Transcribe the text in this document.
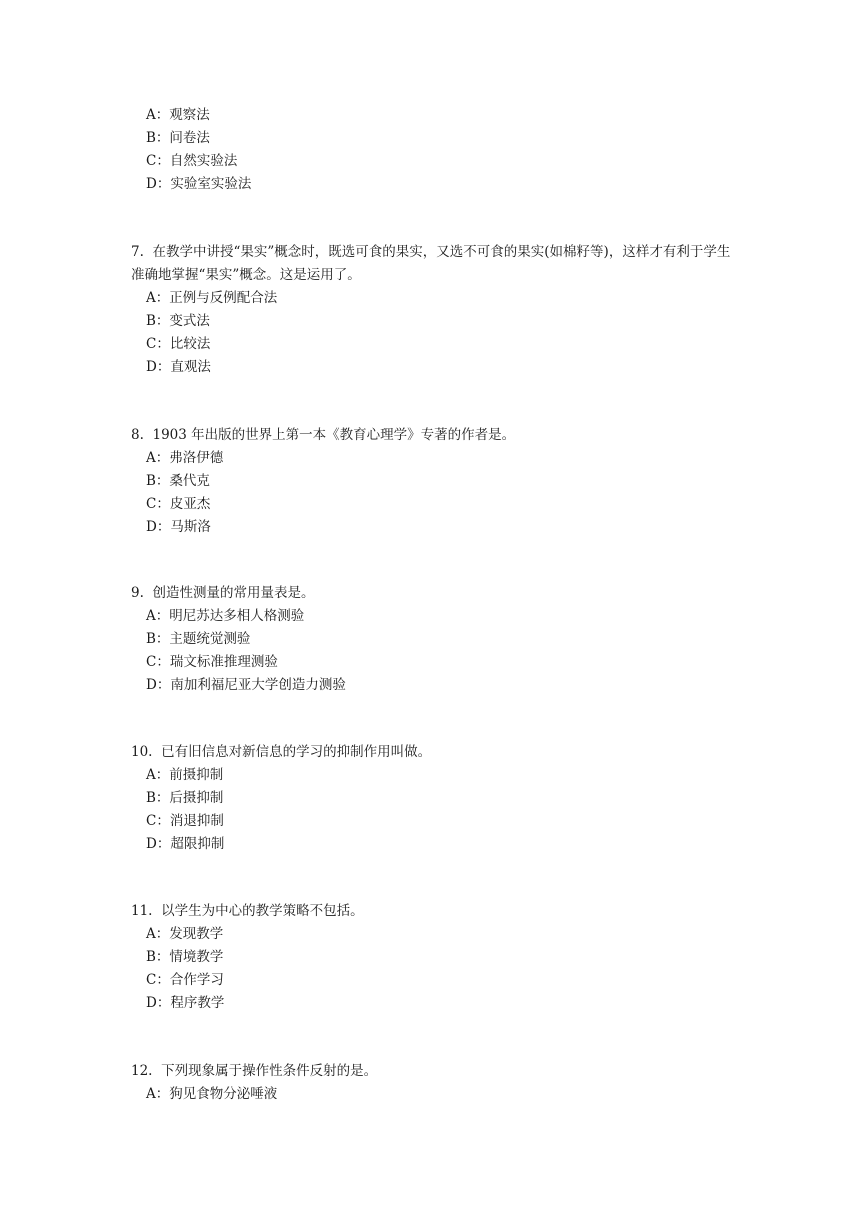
A：观察法
B：问卷法
C：自然实验法
D：实验室实验法
7. 在教学中讲授“果实”概念时，既选可食的果实，又选不可食的果实(如棉籽等)，这样才有利于学生准确地掌握“果实”概念。这是运用了。
A：正例与反例配合法
B：变式法
C：比较法
D：直观法
8. 1903 年出版的世界上第一本《教育心理学》专著的作者是。
A：弗洛伊德
B：桑代克
C：皮亚杰
D：马斯洛
9. 创造性测量的常用量表是。
A：明尼苏达多相人格测验
B：主题统觉测验
C：瑞文标准推理测验
D：南加利福尼亚大学创造力测验
10. 已有旧信息对新信息的学习的抑制作用叫做。
A：前摄抑制
B：后摄抑制
C：消退抑制
D：超限抑制
11. 以学生为中心的教学策略不包括。
A：发现教学
B：情境教学
C：合作学习
D：程序教学
12. 下列现象属于操作性条件反射的是。
A：狗见食物分泌唾液
